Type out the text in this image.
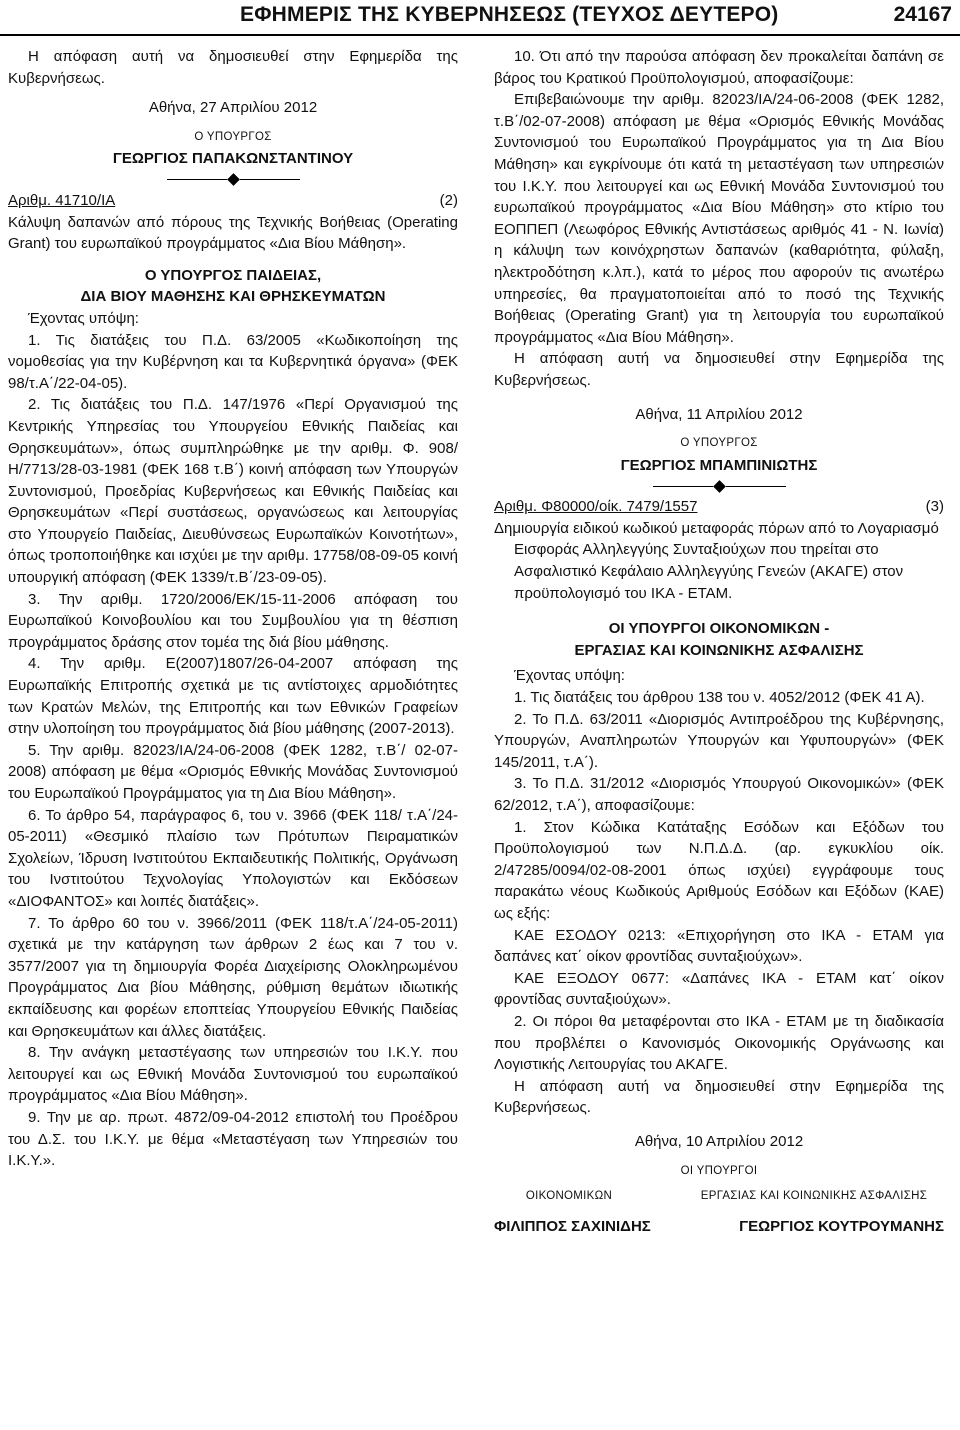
ΕΦΗΜΕΡΙΣ ΤΗΣ ΚΥΒΕΡΝΗΣΕΩΣ (ΤΕΥΧΟΣ ΔΕΥΤΕΡΟ)	24167

Η απόφαση αυτή να δημοσιευθεί στην Εφημερίδα της Κυβερνήσεως.

Αθήνα, 27 Απριλίου 2012

Ο ΥΠΟΥΡΓΟΣ

ΓΕΩΡΓΙΟΣ ΠΑΠΑΚΩΝΣΤΑΝΤΙΝΟΥ

Αριθμ. 41710/ΙΑ	(2)

Κάλυψη δαπανών από πόρους της Τεχνικής Βοήθειας (Operating Grant) του ευρωπαϊκού προγράμματος «Δια Βίου Μάθηση».

Ο ΥΠΟΥΡΓΟΣ ΠΑΙΔΕΙΑΣ,

ΔΙΑ ΒΙΟΥ ΜΑΘΗΣΗΣ ΚΑΙ ΘΡΗΣΚΕΥΜΑΤΩΝ

Έχοντας υπόψη:

1. Τις διατάξεις του Π.Δ. 63/2005 «Κωδικοποίηση της νομοθεσίας για την Κυβέρνηση και τα Κυβερνητικά όργανα» (ΦΕΚ 98/τ.Α΄/22-04-05).

2. Τις διατάξεις του Π.Δ. 147/1976 «Περί Οργανισμού της Κεντρικής Υπηρεσίας του Υπουργείου Εθνικής Παιδείας και Θρησκευμάτων», όπως συμπληρώθηκε με την αριθμ. Φ. 908/Η/7713/28-03-1981 (ΦΕΚ 168 τ.Β΄) κοινή απόφαση των Υπουργών Συντονισμού, Προεδρίας Κυβερνήσεως και Εθνικής Παιδείας και Θρησκευμάτων «Περί συστάσεως, οργανώσεως και λειτουργίας στο Υπουργείο Παιδείας, Διευθύνσεως Ευρωπαϊκών Κοινοτήτων», όπως τροποποιήθηκε και ισχύει με την αριθμ. 17758/08-09-05 κοινή υπουργική απόφαση (ΦΕΚ 1339/τ.Β΄/23-09-05).

3. Την αριθμ. 1720/2006/ΕΚ/15-11-2006 απόφαση του Ευρωπαϊκού Κοινοβουλίου και του Συμβουλίου για τη θέσπιση προγράμματος δράσης στον τομέα της διά βίου μάθησης.

4. Την αριθμ. Ε(2007)1807/26-04-2007 απόφαση της Ευρωπαϊκής Επιτροπής σχετικά με τις αντίστοιχες αρμοδιότητες των Κρατών Μελών, της Επιτροπής και των Εθνικών Γραφείων στην υλοποίηση του προγράμματος διά βίου μάθησης (2007-2013).

5. Την αριθμ. 82023/ΙΑ/24-06-2008 (ΦΕΚ 1282, τ.Β΄/ 02-07-2008) απόφαση με θέμα «Ορισμός Εθνικής Μονάδας Συντονισμού του Ευρωπαϊκού Προγράμματος για τη Δια Βίου Μάθηση».

6. Το άρθρο 54, παράγραφος 6, του ν. 3966 (ΦΕΚ 118/ τ.Α΄/24-05-2011) «Θεσμικό πλαίσιο των Πρότυπων Πειραματικών Σχολείων, Ίδρυση Ινστιτούτου Εκπαιδευτικής Πολιτικής, Οργάνωση του Ινστιτούτου Τεχνολογίας Υπολογιστών και Εκδόσεων «ΔΙΟΦΑΝΤΟΣ» και λοιπές διατάξεις».

7. Το άρθρο 60 του ν. 3966/2011 (ΦΕΚ 118/τ.Α΄/24-05-2011) σχετικά με την κατάργηση των άρθρων 2 έως και 7 του ν. 3577/2007 για τη δημιουργία Φορέα Διαχείρισης Ολοκληρωμένου Προγράμματος Δια βίου Μάθησης, ρύθμιση θεμάτων ιδιωτικής εκπαίδευσης και φορέων εποπτείας Υπουργείου Εθνικής Παιδείας και Θρησκευμάτων και άλλες διατάξεις.

8. Την ανάγκη μεταστέγασης των υπηρεσιών του Ι.Κ.Υ. που λειτουργεί και ως Εθνική Μονάδα Συντονισμού του ευρωπαϊκού προγράμματος «Δια Βίου Μάθηση».

9. Την με αρ. πρωτ. 4872/09-04-2012 επιστολή του Προέδρου του Δ.Σ. του Ι.Κ.Υ. με θέμα «Μεταστέγαση των Υπηρεσιών του Ι.Κ.Υ.».

10. Ότι από την παρούσα απόφαση δεν προκαλείται δαπάνη σε βάρος του Κρατικού Προϋπολογισμού, αποφασίζουμε:

Επιβεβαιώνουμε την αριθμ. 82023/ΙΑ/24-06-2008 (ΦΕΚ 1282, τ.Β΄/02-07-2008) απόφαση με θέμα «Ορισμός Εθνικής Μονάδας Συντονισμού του Ευρωπαϊκού Προγράμματος για τη Δια Βίου Μάθηση» και εγκρίνουμε ότι κατά τη μεταστέγαση των υπηρεσιών του Ι.Κ.Υ. που λειτουργεί και ως Εθνική Μονάδα Συντονισμού του ευρωπαϊκού προγράμματος «Δια Βίου Μάθηση» στο κτίριο του ΕΟΠΠΕΠ (Λεωφόρος Εθνικής Αντιστάσεως αριθμός 41 - Ν. Ιωνία) η κάλυψη των κοινόχρηστων δαπανών (καθαριότητα, φύλαξη, ηλεκτροδότηση κ.λπ.), κατά το μέρος που αφορούν τις ανωτέρω υπηρεσίες, θα πραγματοποιείται από το ποσό της Τεχνικής Βοήθειας (Operating Grant) για τη λειτουργία του ευρωπαϊκού προγράμματος «Δια Βίου Μάθηση».

Η απόφαση αυτή να δημοσιευθεί στην Εφημερίδα της Κυβερνήσεως.

Αθήνα, 11 Απριλίου 2012

Ο ΥΠΟΥΡΓΟΣ

ΓΕΩΡΓΙΟΣ ΜΠΑΜΠΙΝΙΩΤΗΣ

Αριθμ. Φ80000/οίκ. 7479/1557	(3)

Δημιουργία ειδικού κωδικού μεταφοράς πόρων από το Λογαριασμό Εισφοράς Αλληλεγγύης Συνταξιούχων που τηρείται στο Ασφαλιστικό Κεφάλαιο Αλληλεγγύης Γενεών (ΑΚΑΓΕ) στον προϋπολογισμό του ΙΚΑ - ΕΤΑΜ.

ΟΙ ΥΠΟΥΡΓΟΙ ΟΙΚΟΝΟΜΙΚΩΝ -

ΕΡΓΑΣΙΑΣ ΚΑΙ ΚΟΙΝΩΝΙΚΗΣ ΑΣΦΑΛΙΣΗΣ

Έχοντας υπόψη:

1. Τις διατάξεις του άρθρου 138 του ν. 4052/2012 (ΦΕΚ 41 Α).

2. Το Π.Δ. 63/2011 «Διορισμός Αντιπροέδρου της Κυβέρνησης, Υπουργών, Αναπληρωτών Υπουργών και Υφυπουργών» (ΦΕΚ 145/2011, τ.Α΄).

3. Το Π.Δ. 31/2012 «Διορισμός Υπουργού Οικονομικών» (ΦΕΚ 62/2012, τ.Α΄), αποφασίζουμε:

1. Στον Κώδικα Κατάταξης Εσόδων και Εξόδων του Προϋπολογισμού των Ν.Π.Δ.Δ. (αρ. εγκυκλίου οίκ. 2/47285/0094/02-08-2001 όπως ισχύει) εγγράφουμε τους παρακάτω νέους Κωδικούς Αριθμούς Εσόδων και Εξόδων (ΚΑΕ) ως εξής:

ΚΑΕ ΕΣΟΔΟΥ 0213: «Επιχορήγηση στο ΙΚΑ - ΕΤΑΜ για δαπάνες κατ΄ οίκον φροντίδας συνταξιούχων».

ΚΑΕ ΕΞΟΔΟΥ 0677: «Δαπάνες ΙΚΑ - ΕΤΑΜ κατ΄ οίκον φροντίδας συνταξιούχων».

2. Οι πόροι θα μεταφέρονται στο ΙΚΑ - ΕΤΑΜ με τη διαδικασία που προβλέπει ο Κανονισμός Οικονομικής Οργάνωσης και Λογιστικής Λειτουργίας του ΑΚΑΓΕ.

Η απόφαση αυτή να δημοσιευθεί στην Εφημερίδα της Κυβερνήσεως.

Αθήνα, 10 Απριλίου 2012

ΟΙ ΥΠΟΥΡΓΟΙ

ΟΙΚΟΝΟΜΙΚΩΝ	ΕΡΓΑΣΙΑΣ ΚΑΙ ΚΟΙΝΩΝΙΚΗΣ ΑΣΦΑΛΙΣΗΣ
ΦΙΛΙΠΠΟΣ ΣΑΧΙΝΙΔΗΣ	ΓΕΩΡΓΙΟΣ ΚΟΥΤΡΟΥΜΑΝΗΣ
